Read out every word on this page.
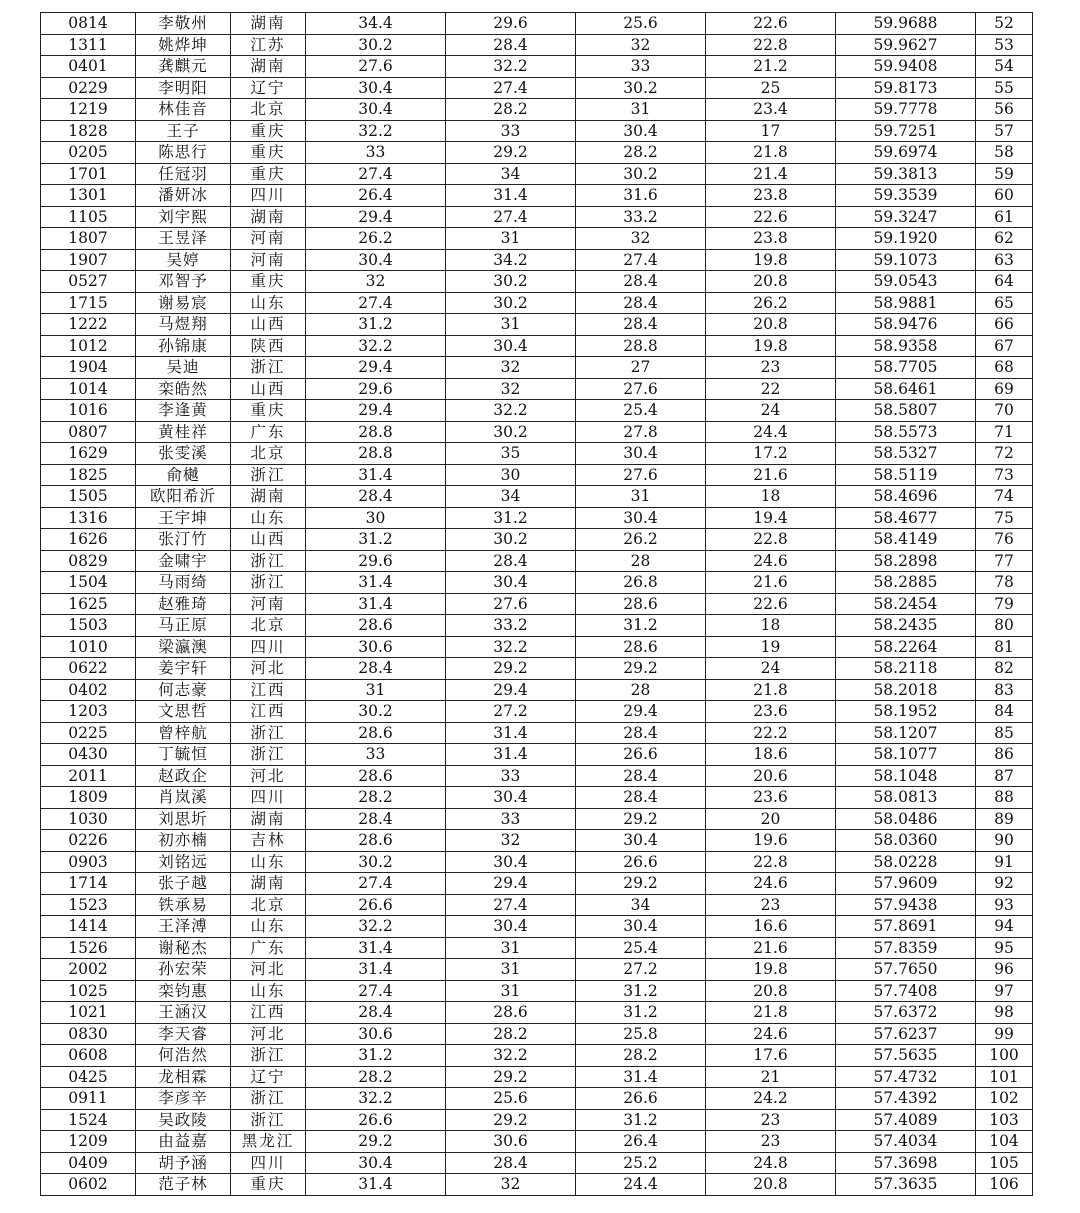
0814	李敬州	湖南	34.4	29.6	25.6	22.6	59.9688	52
1311	姚烨坤	江苏	30.2	28.4	32	22.8	59.9627	53
0401	龚麒元	湖南	27.6	32.2	33	21.2	59.9408	54
0229	李明阳	辽宁	30.4	27.4	30.2	25	59.8173	55
1219	林佳音	北京	30.4	28.2	31	23.4	59.7778	56
1828	王子	重庆	32.2	33	30.4	17	59.7251	57
0205	陈思行	重庆	33	29.2	28.2	21.8	59.6974	58
1701	任冠羽	重庆	27.4	34	30.2	21.4	59.3813	59
1301	潘妍冰	四川	26.4	31.4	31.6	23.8	59.3539	60
1105	刘宇熙	湖南	29.4	27.4	33.2	22.6	59.3247	61
1807	王昱泽	河南	26.2	31	32	23.8	59.1920	62
1907	吴婷	河南	30.4	34.2	27.4	19.8	59.1073	63
0527	邓智予	重庆	32	30.2	28.4	20.8	59.0543	64
1715	谢易宸	山东	27.4	30.2	28.4	26.2	58.9881	65
1222	马煜翔	山西	31.2	31	28.4	20.8	58.9476	66
1012	孙锦康	陕西	32.2	30.4	28.8	19.8	58.9358	67
1904	吴迪	浙江	29.4	32	27	23	58.7705	68
1014	栾皓然	山西	29.6	32	27.6	22	58.6461	69
1016	李逢黄	重庆	29.4	32.2	25.4	24	58.5807	70
0807	黄桂祥	广东	28.8	30.2	27.8	24.4	58.5573	71
1629	张雯溪	北京	28.8	35	30.4	17.2	58.5327	72
1825	俞樾	浙江	31.4	30	27.6	21.6	58.5119	73
1505	欧阳希沂	湖南	28.4	34	31	18	58.4696	74
1316	王宇坤	山东	30	31.2	30.4	19.4	58.4677	75
1626	张汀竹	山西	31.2	30.2	26.2	22.8	58.4149	76
0829	金啸宇	浙江	29.6	28.4	28	24.6	58.2898	77
1504	马雨绮	浙江	31.4	30.4	26.8	21.6	58.2885	78
1625	赵雅琦	河南	31.4	27.6	28.6	22.6	58.2454	79
1503	马正原	北京	28.6	33.2	31.2	18	58.2435	80
1010	梁瀛澳	四川	30.6	32.2	28.6	19	58.2264	81
0622	姜宇轩	河北	28.4	29.2	29.2	24	58.2118	82
0402	何志豪	江西	31	29.4	28	21.8	58.2018	83
1203	文思哲	江西	30.2	27.2	29.4	23.6	58.1952	84
0225	曾梓航	浙江	28.6	31.4	28.4	22.2	58.1207	85
0430	丁毓恒	浙江	33	31.4	26.6	18.6	58.1077	86
2011	赵政企	河北	28.6	33	28.4	20.6	58.1048	87
1809	肖岚溪	四川	28.2	30.4	28.4	23.6	58.0813	88
1030	刘思圻	湖南	28.4	33	29.2	20	58.0486	89
0226	初亦楠	吉林	28.6	32	30.4	19.6	58.0360	90
0903	刘铭远	山东	30.2	30.4	26.6	22.8	58.0228	91
1714	张子越	湖南	27.4	29.4	29.2	24.6	57.9609	92
1523	铁承易	北京	26.6	27.4	34	23	57.9438	93
1414	王泽溥	山东	32.2	30.4	30.4	16.6	57.8691	94
1526	谢秘杰	广东	31.4	31	25.4	21.6	57.8359	95
2002	孙宏荣	河北	31.4	31	27.2	19.8	57.7650	96
1025	栾钧惠	山东	27.4	31	31.2	20.8	57.7408	97
1021	王涵汉	江西	28.4	28.6	31.2	21.8	57.6372	98
0830	李天睿	河北	30.6	28.2	25.8	24.6	57.6237	99
0608	何浩然	浙江	31.2	32.2	28.2	17.6	57.5635	100
0425	龙相霖	辽宁	28.2	29.2	31.4	21	57.4732	101
0911	李彦辛	浙江	32.2	25.6	26.6	24.2	57.4392	102
1524	吴政陵	浙江	26.6	29.2	31.2	23	57.4089	103
1209	由益嘉	黑龙江	29.2	30.6	26.4	23	57.4034	104
0409	胡予涵	四川	30.4	28.4	25.2	24.8	57.3698	105
0602	范子林	重庆	31.4	32	24.4	20.8	57.3635	106
